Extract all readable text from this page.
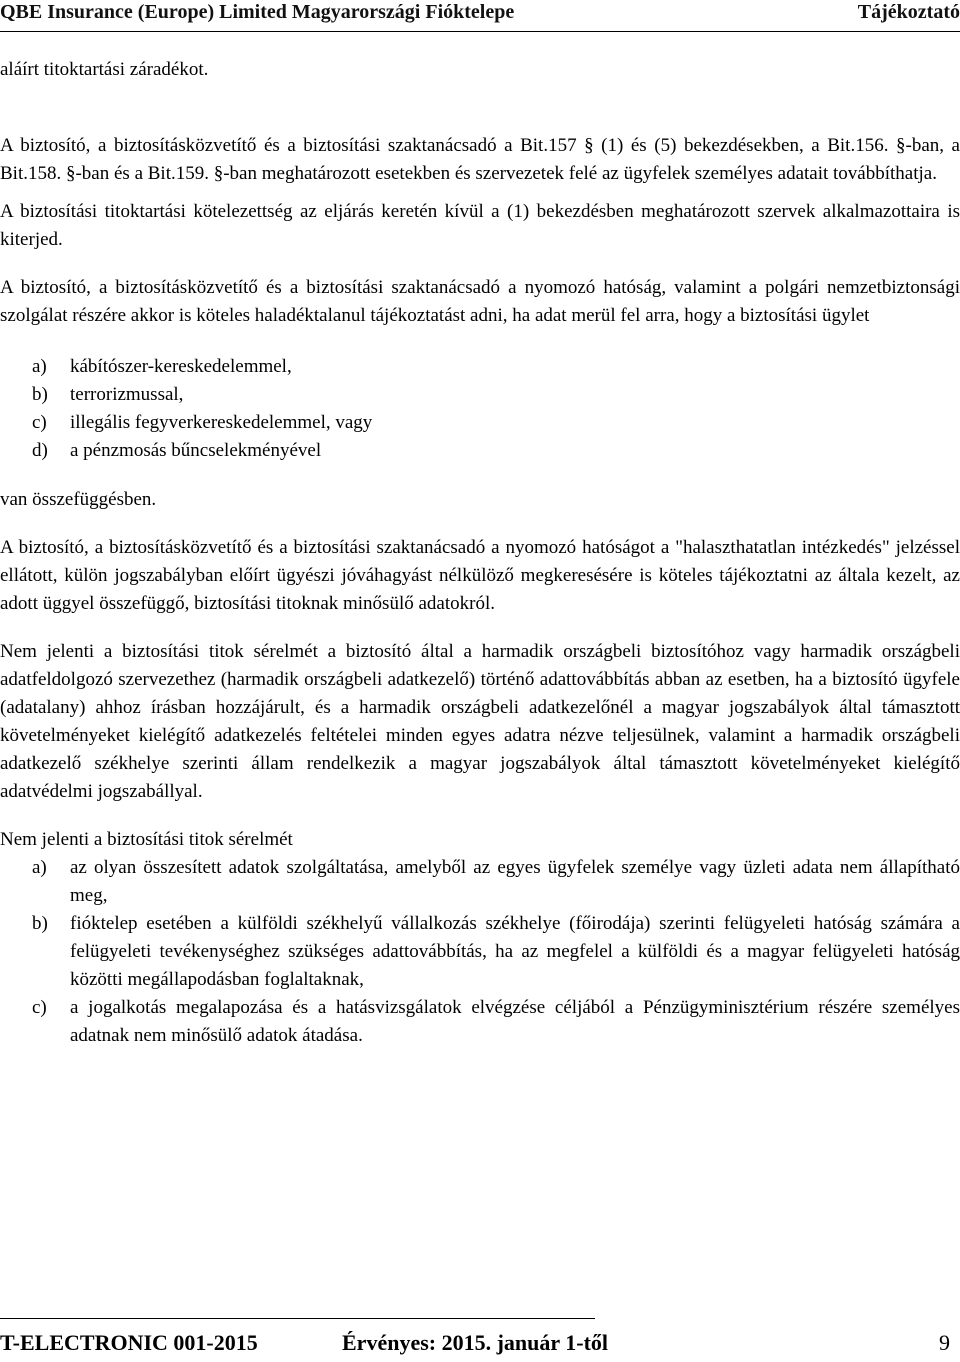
QBE Insurance (Europe) Limited Magyarországi Fióktelepe	Tájékoztató

aláírt titoktartási záradékot.

A biztosító, a biztosításközvetítő és a biztosítási szaktanácsadó a Bit.157 § (1) és (5) bekezdésekben, a Bit.156. §-ban, a Bit.158. §-ban és a Bit.159. §-ban meghatározott esetekben és szervezetek felé az ügyfelek személyes adatait továbbíthatja.

A biztosítási titoktartási kötelezettség az eljárás keretén kívül a (1) bekezdésben meghatározott szervek alkalmazottaira is kiterjed.

A biztosító, a biztosításközvetítő és a biztosítási szaktanácsadó a nyomozó hatóság, valamint a polgári nemzetbiztonsági szolgálat részére akkor is köteles haladéktalanul tájékoztatást adni, ha adat merül fel arra, hogy a biztosítási ügylet

a)	kábítószer-kereskedelemmel,
b)	terrorizmussal,
c)	illegális fegyverkereskedelemmel, vagy
d)	a pénzmosás bűncselekményével

van összefüggésben.

A biztosító, a biztosításközvetítő és a biztosítási szaktanácsadó a nyomozó hatóságot a "halaszthatatlan intézkedés" jelzéssel ellátott, külön jogszabályban előírt ügyészi jóváhagyást nélkülöző megkeresésére is köteles tájékoztatni az általa kezelt, az adott üggyel összefüggő, biztosítási titoknak minősülő adatokról.

Nem jelenti a biztosítási titok sérelmét a biztosító által a harmadik országbeli biztosítóhoz vagy harmadik országbeli adatfeldolgozó szervezethez (harmadik országbeli adatkezelő) történő adattovábbítás abban az esetben, ha a biztosító ügyfele (adatalany) ahhoz írásban hozzájárult, és a harmadik országbeli adatkezelőnél a magyar jogszabályok által támasztott követelményeket kielégítő adatkezelés feltételei minden egyes adatra nézve teljesülnek, valamint a harmadik országbeli adatkezelő székhelye szerinti állam rendelkezik a magyar jogszabályok által támasztott követelményeket kielégítő adatvédelmi jogszabállyal.

Nem jelenti a biztosítási titok sérelmét

a)	az olyan összesített adatok szolgáltatása, amelyből az egyes ügyfelek személye vagy üzleti adata nem állapítható meg,
b)	fióktelep esetében a külföldi székhelyű vállalkozás székhelye (főirodája) szerinti felügyeleti hatóság számára a felügyeleti tevékenységhez szükséges adattovábbítás, ha az megfelel a külföldi és a magyar felügyeleti hatóság közötti megállapodásban foglaltaknak,
c)	a jogalkotás megalapozása és a hatásvizsgálatok elvégzése céljából a Pénzügyminisztérium részére személyes adatnak nem minősülő adatok átadása.
T-ELECTRONIC 001-2015	Érvényes: 2015. január 1-től	9
